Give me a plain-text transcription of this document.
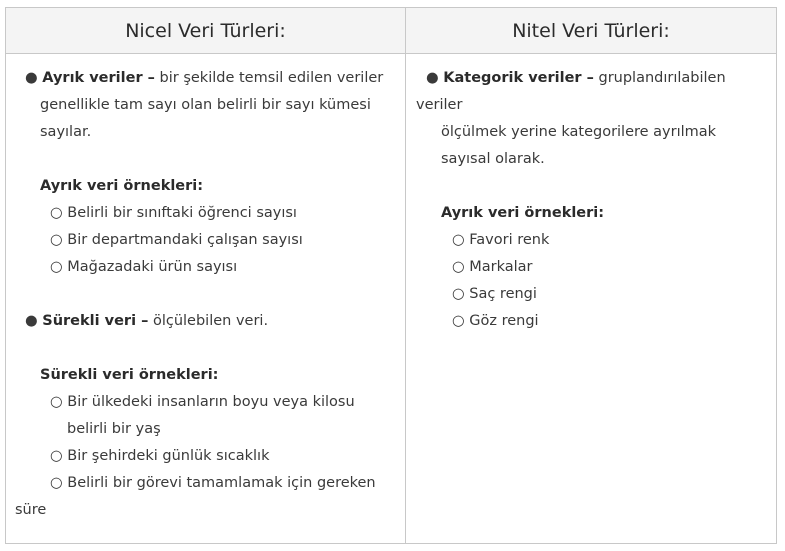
Nicel Veri Türleri:	Nitel Veri Türleri:
● Ayrık veriler – bir şekilde temsil edilen veriler
genellikle tam sayı olan belirli bir sayı kümesi
sayılar.
Ayrık veri örnekleri:
○ Belirli bir sınıftaki öğrenci sayısı
○ Bir departmandaki çalışan sayısı
○ Mağazadaki ürün sayısı
● Sürekli veri – ölçülebilen veri.
Sürekli veri örnekleri:
○ Bir ülkedeki insanların boyu veya kilosu
belirli bir yaş
○ Bir şehirdeki günlük sıcaklık
○ Belirli bir görevi tamamlamak için gereken
süre
● Kategorik veriler – gruplandırılabilen
veriler
ölçülmek yerine kategorilere ayrılmak
sayısal olarak.
Ayrık veri örnekleri:
○ Favori renk
○ Markalar
○ Saç rengi
○ Göz rengi
